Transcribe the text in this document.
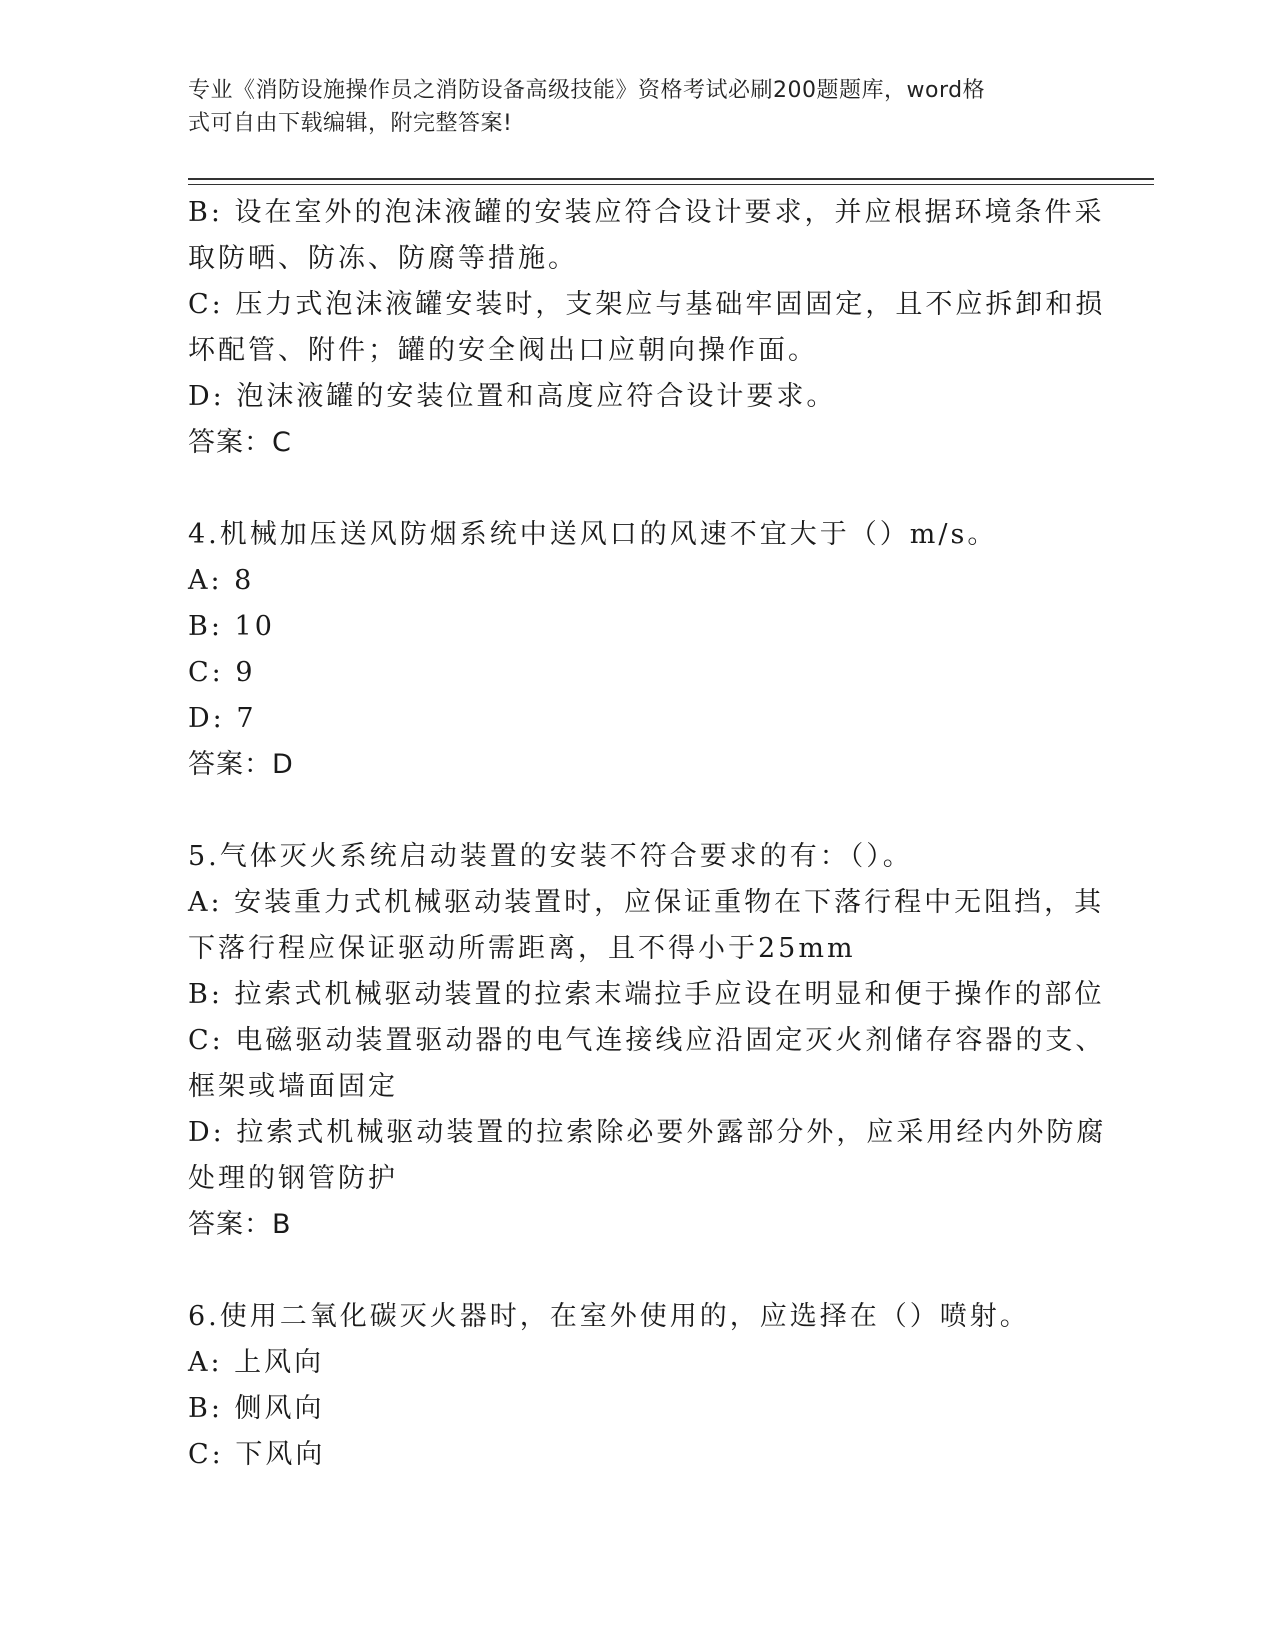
专业《消防设施操作员之消防设备高级技能》资格考试必刷200题题库，word格
式可自由下载编辑，附完整答案!
B: 设在室外的泡沫液罐的安装应符合设计要求，并应根据环境条件采
取防晒、防冻、防腐等措施。
C: 压力式泡沫液罐安装时，支架应与基础牢固固定，且不应拆卸和损
坏配管、附件；罐的安全阀出口应朝向操作面。
D: 泡沫液罐的安装位置和高度应符合设计要求。
答案：C
4.机械加压送风防烟系统中送风口的风速不宜大于（）m/s。
A: 8
B: 10
C: 9
D: 7
答案：D
5.气体灭火系统启动装置的安装不符合要求的有：（）。
A: 安装重力式机械驱动装置时，应保证重物在下落行程中无阻挡，其
下落行程应保证驱动所需距离，且不得小于25mm
B: 拉索式机械驱动装置的拉索末端拉手应设在明显和便于操作的部位
C: 电磁驱动装置驱动器的电气连接线应沿固定灭火剂储存容器的支、
框架或墙面固定
D: 拉索式机械驱动装置的拉索除必要外露部分外，应采用经内外防腐
处理的钢管防护
答案：B
6.使用二氧化碳灭火器时，在室外使用的，应选择在（）喷射。
A: 上风向
B: 侧风向
C: 下风向
